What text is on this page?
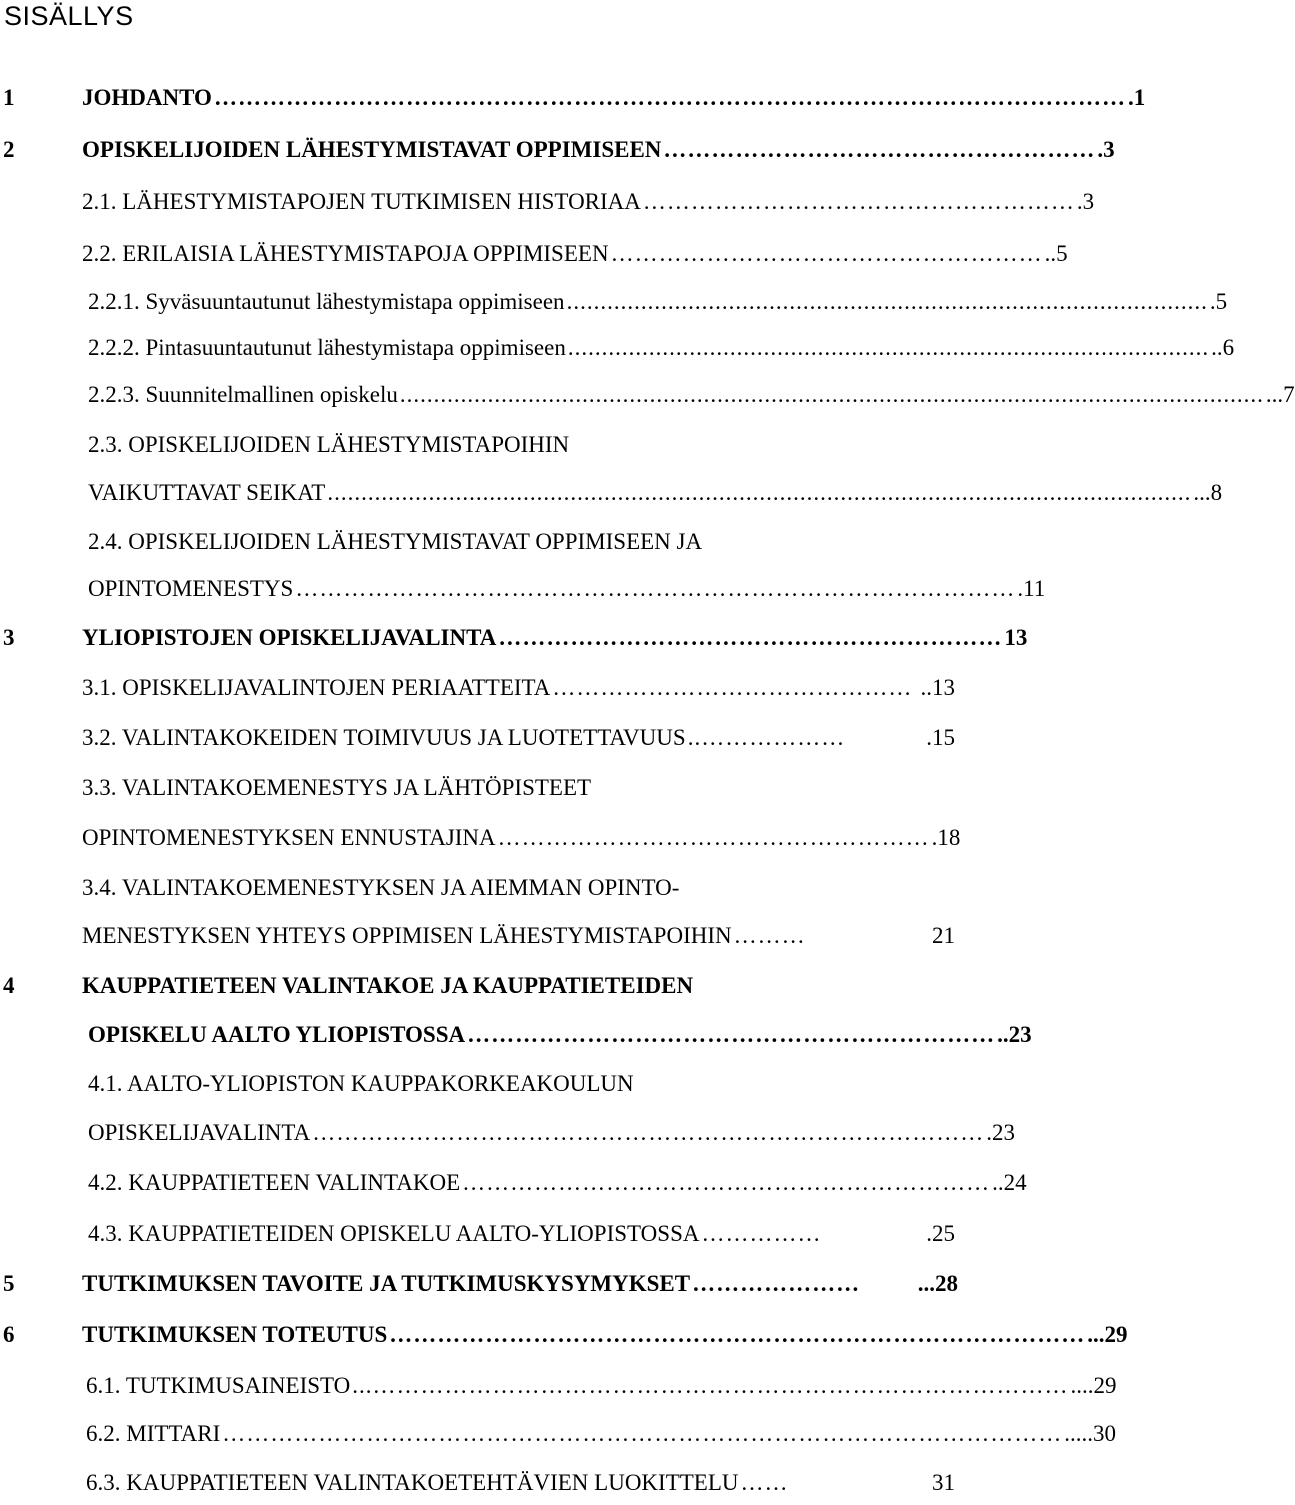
SISÄLLYS
1	JOHDANTO …………………………………………………………………………………………………… .1
2	OPISKELIJOIDEN LÄHESTYMISTAVAT OPPIMISEEN ……………………………………………… .3
2.1. LÄHESTYMISTAPOJEN TUTKIMISEN HISTORIAA ……………………………………………… .3
2.2. ERILAISIA LÄHESTYMISTAPOJA OPPIMISEEN ……………………………………………… ..5
2.2.1. Syväsuuntautunut lähestymistapa oppimiseen ............................................................................................... .5
2.2.2. Pintasuuntautunut lähestymistapa oppimiseen ............................................................................................... ..6
2.2.3. Suunnitelmallinen opiskelu ................................................................................................................................ ...7
2.3. OPISKELIJOIDEN LÄHESTYMISTAPOIHIN
VAIKUTTAVAT SEIKAT ................................................................................................................................ ...8
2.4. OPISKELIJOIDEN LÄHESTYMISTAVAT OPPIMISEEN JA
OPINTOMENESTYS ……………………………………………………………………………… .11
3	YLIOPISTOJEN OPISKELIJAVALINTA ……………………………………………………… 13
3.1. OPISKELIJAVALINTOJEN PERIAATTEITA ……………………………………… ..13
3.2. VALINTAKOKEIDEN TOIMIVUUS JA LUOTETTAVUUS ..………………	.15
3.3. VALINTAKOEMENESTYS JA LÄHTÖPISTEET
OPINTOMENESTYKSEN ENNUSTAJINA ……………………………………………… .18
3.4. VALINTAKOEMENESTYKSEN JA AIEMMAN OPINTO-
MENESTYKSEN YHTEYS OPPIMISEN LÄHESTYMISTAPOIHIN ………	21
4	KAUPPATIETEEN VALINTAKOE JA KAUPPATIETEIDEN
OPISKELU AALTO YLIOPISTOSSA ………………………………………………………… ..23
4.1. AALTO-YLIOPISTON KAUPPAKORKEAKOULUN
OPISKELIJAVALINTA ………………………………………………………………………… .23
4.2. KAUPPATIETEEN VALINTAKOE ………………………………………………………… ..24
4.3. KAUPPATIETEIDEN OPISKELU AALTO-YLIOPISTOSSA ……………	.25
5	TUTKIMUKSEN TAVOITE JA TUTKIMUSKYSYMYKSET …………………	...28
6	TUTKIMUKSEN TOTEUTUS …………………………………………………………………………… ...29
6.1. TUTKIMUSAINEISTO ...…………………………………………………………………………… ....29
6.2. MITTARI …………………………………………………………………………………………… .....30
6.3. KAUPPATIETEEN VALINTAKOETEHTÄVIEN LUOKITTELU ……	31
